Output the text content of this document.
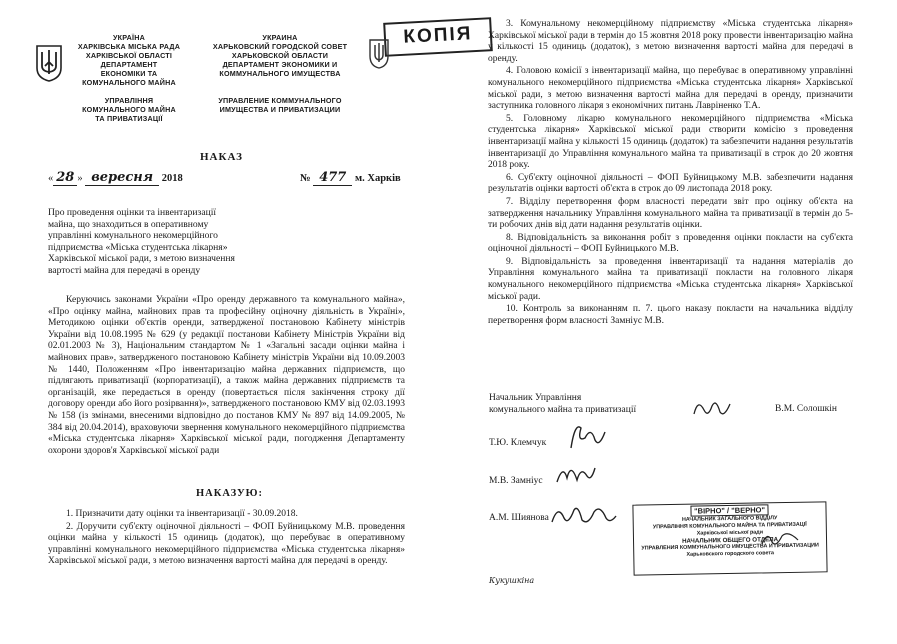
УКРАЇНА
ХАРКІВСЬКА МІСЬКА РАДА
ХАРКІВСЬКОЇ ОБЛАСТІ
ДЕПАРТАМЕНТ
ЕКОНОМІКИ ТА
КОМУНАЛЬНОГО МАЙНА
УПРАВЛІННЯ
КОМУНАЛЬНОГО МАЙНА
ТА ПРИВАТИЗАЦІЇ
УКРАИНА
ХАРЬКОВСКИЙ ГОРОДСКОЙ СОВЕТ
ХАРЬКОВСКОЙ ОБЛАСТИ
ДЕПАРТАМЕНТ ЭКОНОМИКИ И
КОММУНАЛЬНОГО ИМУЩЕСТВА
УПРАВЛЕНИЕ КОММУНАЛЬНОГО
ИМУЩЕСТВА И ПРИВАТИЗАЦИИ
КОПІЯ
НАКАЗ
« 28 » вересня 2018	№ 477 м. Харків
Про проведення оцінки та інвентаризації
майна, що знаходиться в оперативному
управлінні комунального некомерційного
підприємства «Міська студентська лікарня»
Харківської міської ради, з метою визначення
вартості майна для передачі в оренду

Керуючись законами України «Про оренду державного та комунального майна», «Про оцінку майна, майнових прав та професійну оціночну діяльність в Україні», Методикою оцінки об'єктів оренди, затвердженої постановою Кабінету міністрів України від 10.08.1995 № 629 (у редакції постанови Кабінету Міністрів України від 02.01.2003 № 3), Національним стандартом № 1 «Загальні засади оцінки майна і майнових прав», затвердженого постановою Кабінету міністрів України від 10.09.2003 № 1440, Положенням «Про інвентаризацію майна державних підприємств, що підлягають приватизації (корпоратизації), а також майна державних підприємств та організацій, яке передається в оренду (повертається після закінчення строку дії договору оренди або його розірвання)», затвердженого постановою КМУ від 02.03.1993 № 158 (із змінами, внесеними відповідно до постанов КМУ № 897 від 14.09.2005, № 384 від 20.04.2014), враховуючи звернення комунального некомерційного підприємства «Міська студентська лікарня» Харківської міської ради, погодження Департаменту охорони здоров'я Харківської міської ради

НАКАЗУЮ:

1. Призначити дату оцінки та інвентаризації - 30.09.2018.

2. Доручити суб'єкту оціночної діяльності – ФОП Буйницькому М.В. проведення оцінки майна у кількості 15 одиниць (додаток), що перебуває в оперативному управлінні комунального некомерційного підприємства «Міська студентська лікарня» Харківської міської ради, з метою визначення вартості майна для передачі в оренду.

3. Комунальному некомерційному підприємству «Міська студентська лікарня» Харківської міської ради в термін до 15 жовтня 2018 року провести інвентаризацію майна у кількості 15 одиниць (додаток), з метою визначення вартості майна для передачі в оренду.

4. Головою комісії з інвентаризації майна, що перебуває в оперативному управлінні комунального некомерційного підприємства «Міська студентська лікарня» Харківської міської ради, з метою визначення вартості майна для передачі в оренду, призначити заступника головного лікаря з економічних питань Лавріненко Т.А.

5. Головному лікарю комунального некомерційного підприємства «Міська студентська лікарня» Харківської міської ради створити комісію з проведення інвентаризації майна у кількості 15 одиниць (додаток) та забезпечити надання результатів інвентаризації до Управління комунального майна та приватизації в строк до 20 жовтня 2018 року.

6. Суб'єкту оціночної діяльності – ФОП Буйницькому М.В. забезпечити надання результатів оцінки вартості об'єкта в строк до 09 листопада 2018 року.

7. Відділу перетворення форм власності передати звіт про оцінку об'єкта на затвердження начальнику Управління комунального майна та приватизації в термін до 5-ти робочих днів від дати надання результатів оцінки.

8. Відповідальність за виконання робіт з проведення оцінки покласти на суб'єкта оціночної діяльності – ФОП Буйницького М.В.

9. Відповідальність за проведення інвентаризації та надання матеріалів до Управління комунального майна та приватизації покласти на головного лікаря комунального некомерційного підприємства «Міська студентська лікарня» Харківської міської ради.

10. Контроль за виконанням п. 7. цього наказу покласти на начальника відділу перетворення форм власності Замніус М.В.

Начальник Управління
комунального майна та приватизації	В.М. Солошкін
Т.Ю. Клемчук
М.В. Замніус
А.М. Шиянова
"ВІРНО" / "ВЕРНО"
НАЧАЛЬНИК ЗАГАЛЬНОГО ВІДДІЛУ
УПРАВЛІННЯ КОМУНАЛЬНОГО МАЙНА ТА ПРИВАТИЗАЦІЇ
Харківської міської ради
НАЧАЛЬНИК ОБЩЕГО ОТДЕЛА
УПРАВЛЕНИЯ КОММУНАЛЬНОГО ИМУЩЕСТВА И ПРИВАТИЗАЦИИ
Харьковского городского совета
Кукушкіна
